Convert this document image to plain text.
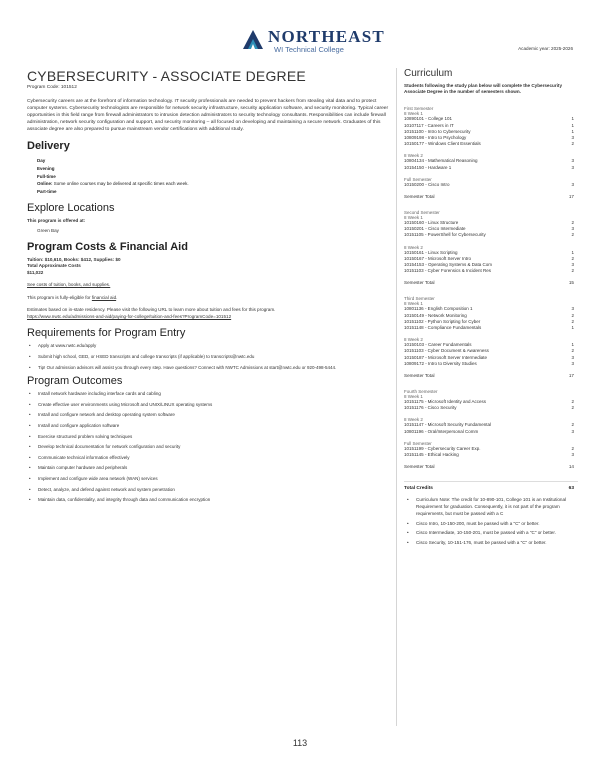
NORTHEAST
WI Technical College	Academic year: 2025-2026
CYBERSECURITY - ASSOCIATE DEGREE
Program Code: 101512

Cybersecurity careers are at the forefront of information technology. IT security professionals are needed to prevent hackers from stealing vital data and to protect computer systems. Cybersecurity technologists are responsible for network security infrastructure, security application software, and security monitoring. Typical career opportunities in this field range from firewall administrators to intrusion detection administrators to security technology consultants. Responsibilities can include firewall administration, network security configuration and support, and security monitoring – all focused on developing and maintaining a secure network. Graduates of this associate degree are also prepared to pursue mainstream vendor certifications with additional study.

Delivery
Day
Evening
Full-time
Online: Some online courses may be delivered at specific times each week.
Part-time
Explore Locations
This program is offered at:
Green Bay
Program Costs & Financial Aid
Tuition: $10,610, Books: $412, Supplies: $0
Total Approximate Costs
$11,022
See costs of tuition, books, and supplies.
This program is fully-eligible for financial aid.
Estimates based on in-state residency. Please visit the following URL to learn more about tuition and fees for this program.
https://www.nwtc.edu/admissions-and-aid/paying-for-college/tuition-and-fees?ProgramCode=101512
Requirements for Program Entry
• Apply at www.nwtc.edu/apply
• Submit high school, GED, or HSED transcripts and college transcripts (if applicable) to transcripts@nwtc.edu
• Tip! Our admission advisors will assist you through every step. Have questions? Connect with NWTC Admissions at start@nwtc.edu or 920-498-5444.
Program Outcomes
• Install network hardware including interface cards and cabling
• Create effective user environments using Microsoft and UNIX/LINUX operating systems
• Install and configure network and desktop operating system software
• Install and configure application software
• Exercise structured problem solving techniques
• Develop technical documentation for network configuration and security
• Communicate technical information effectively
• Maintain computer hardware and peripherals
• Implement and configure wide area network (WAN) services
• Detect, analyze, and defend against network and system penetration
• Maintain data, confidentiality, and integrity through data and communication encryption
Curriculum
Students following the study plan below will complete the Cybersecurity Associate Degree in the number of semesters shown.
First Semester
8 Week 1
10890101 - College 101	1
10107117 - Careers in IT	1
10151100 - Intro to Cybersecurity	1
10809198 - Intro to Psychology	3
10150177 - Windows Client Essentials	2
8 Week 2
10804134 - Mathematical Reasoning	3
10154150 - Hardware 1	3
Full Semester
10150200 - Cisco Intro	3
Semester Total	17
Second Semester
8 Week 1
10150160 - Linux Structure	2
10150201 - Cisco Intermediate	3
10151105 - PowerShell for Cybersecurity	2
8 Week 2
10150161 - Linux Scripting	1
10150167 - Microsoft Server Intro	2
10154153 - Operating Systems & Data Com	3
10151103 - Cyber Forensics & Incident Res	2
Semester Total	15
Third Semester
8 Week 1
10801136 - English Composition 1	3
10150149 - Network Monitoring	2
10151102 - Python Scripting for Cyber	2
10151148 - Compliance Fundamentals	1
8 Week 2
10150103 - Career Fundamentals	1
10151103 - Cyber Document & Awareness	2
10150187 - Microsoft Server Intermediate	3
10809172 - Intro to Diversity Studies	3
Semester Total	17
Fourth Semester
8 Week 1
10151175 - Microsoft Identity and Access	2
10151176 - Cisco Security	2
8 Week 2
10151147 - Microsoft Security Fundamental	2
10801196 - Oral/Interpersonal Comm	3
Full Semester
10151199 - Cybersecurity Career Exp.	2
10151145 - Ethical Hacking	3
Semester Total	14
Total Credits	63
• Curriculum Note: The credit for 10-890-101, College 101 is an Institutional Requirement for graduation. Consequently, it is not part of the program requirements, but must be passed with a C
• Cisco Intro, 10-150-200, must be passed with a "C" or better.
• Cisco Intermediate, 10-150-201, must be passed with a "C" or better.
• Cisco Security, 10-151-176, must be passed with a "C" or better.
113
